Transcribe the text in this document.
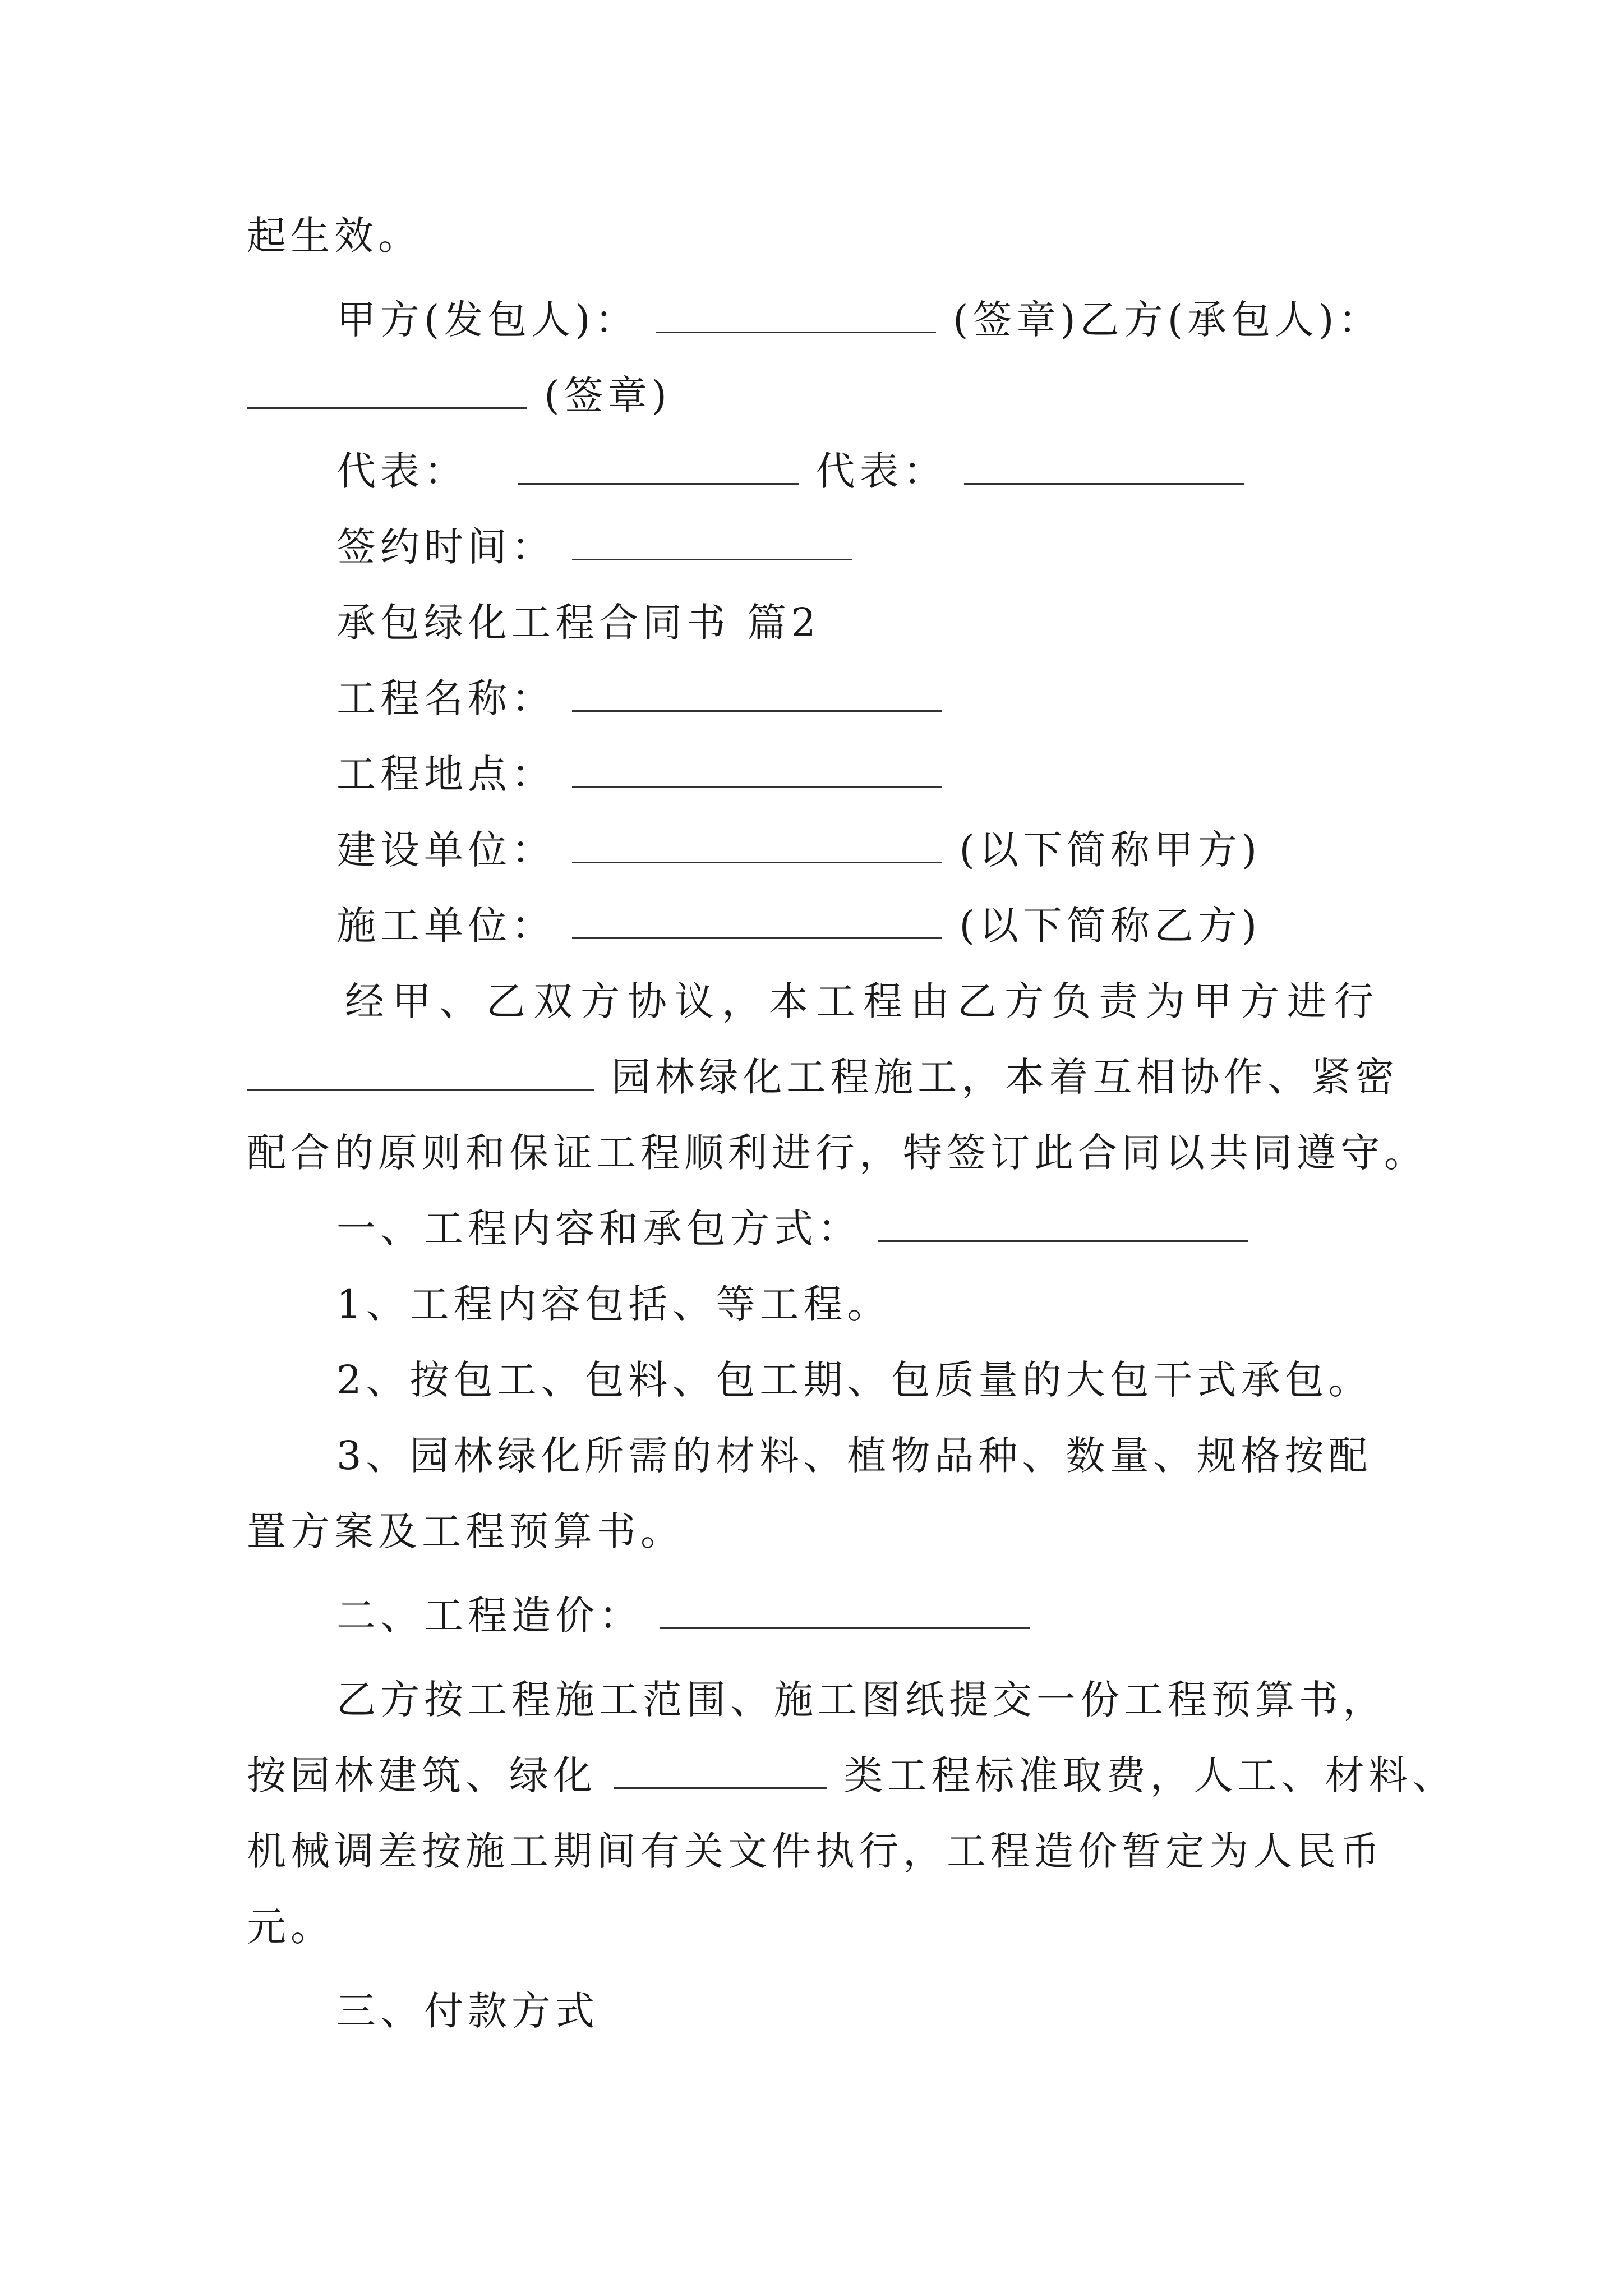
起生效。
甲方(发包人)：	(签章)乙方(承包人)：
(签章)
代表：	代表：
签约时间：
承包绿化工程合同书 篇2
工程名称：
工程地点：
建设单位：	(以下简称甲方)
施工单位：	(以下简称乙方)
经甲、乙双方协议，本工程由乙方负责为甲方进行
园林绿化工程施工，本着互相协作、紧密
配合的原则和保证工程顺利进行，特签订此合同以共同遵守。
一、工程内容和承包方式：
1、工程内容包括、等工程。
2、按包工、包料、包工期、包质量的大包干式承包。
3、园林绿化所需的材料、植物品种、数量、规格按配
置方案及工程预算书。
二、工程造价：
乙方按工程施工范围、施工图纸提交一份工程预算书，
按园林建筑、绿化	类工程标准取费，人工、材料、
机械调差按施工期间有关文件执行，工程造价暂定为人民币
元。
三、付款方式
